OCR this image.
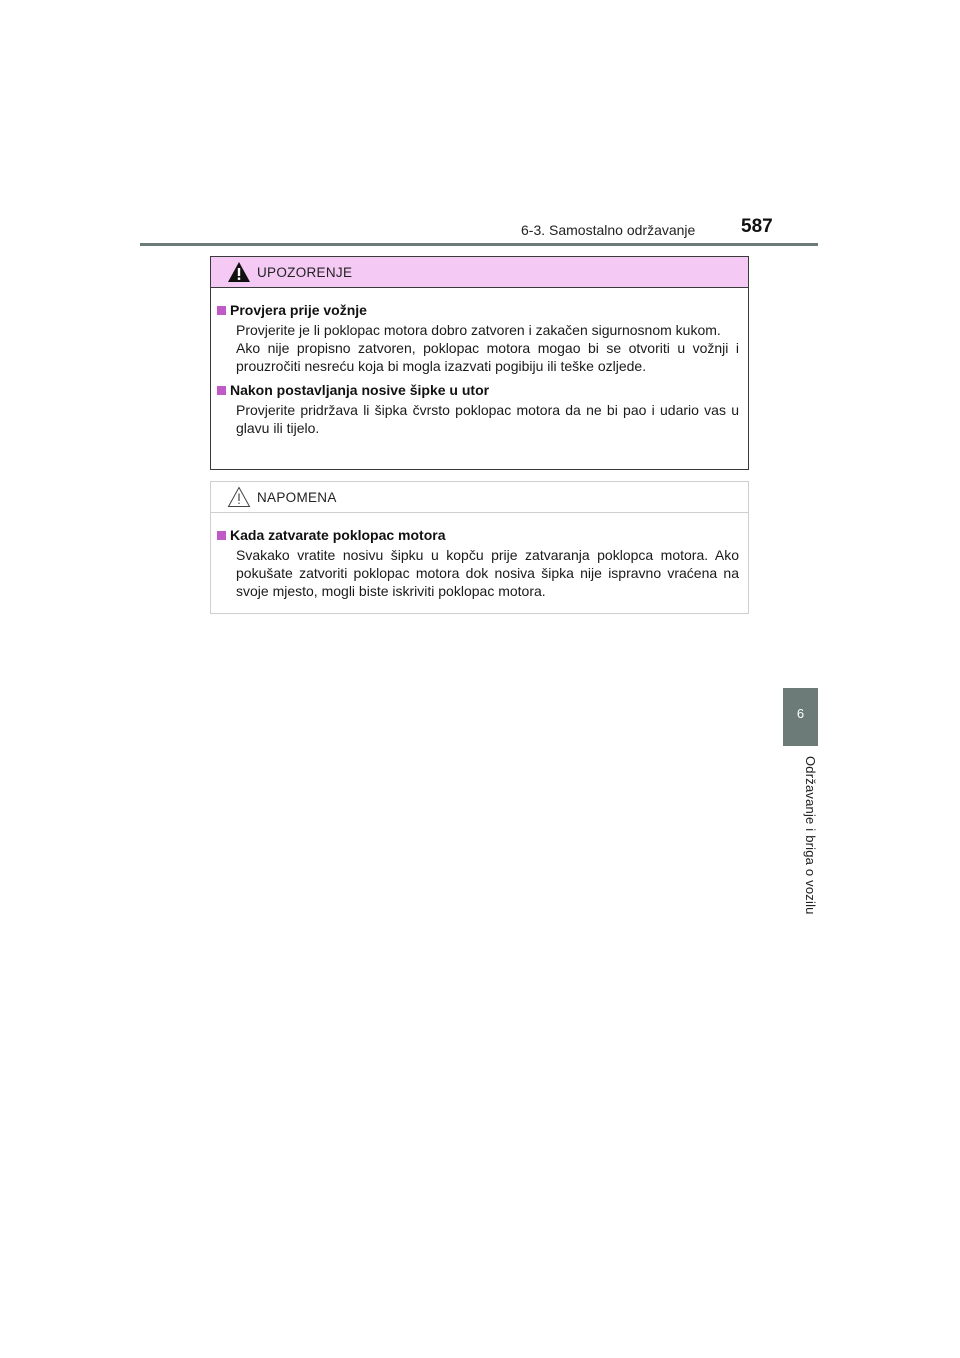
6-3. Samostalno održavanje 587
6
Održavanje i briga o vozilu
UPOZORENJE
Provjera prije vožnje

Provjerite je li poklopac motora dobro zatvoren i zakačen sigurnosnom kukom.

Ako nije propisno zatvoren, poklopac motora mogao bi se otvoriti u vožnji i prouzročiti nesreću koja bi mogla izazvati pogibiju ili teške ozljede.

Nakon postavljanja nosive šipke u utor

Provjerite pridržava li šipka čvrsto poklopac motora da ne bi pao i udario vas u glavu ili tijelo.

NAPOMENA
Kada zatvarate poklopac motora

Svakako vratite nosivu šipku u kopču prije zatvaranja poklopca motora. Ako pokušate zatvoriti poklopac motora dok nosiva šipka nije ispravno vraćena na svoje mjesto, mogli biste iskriviti poklopac motora.
